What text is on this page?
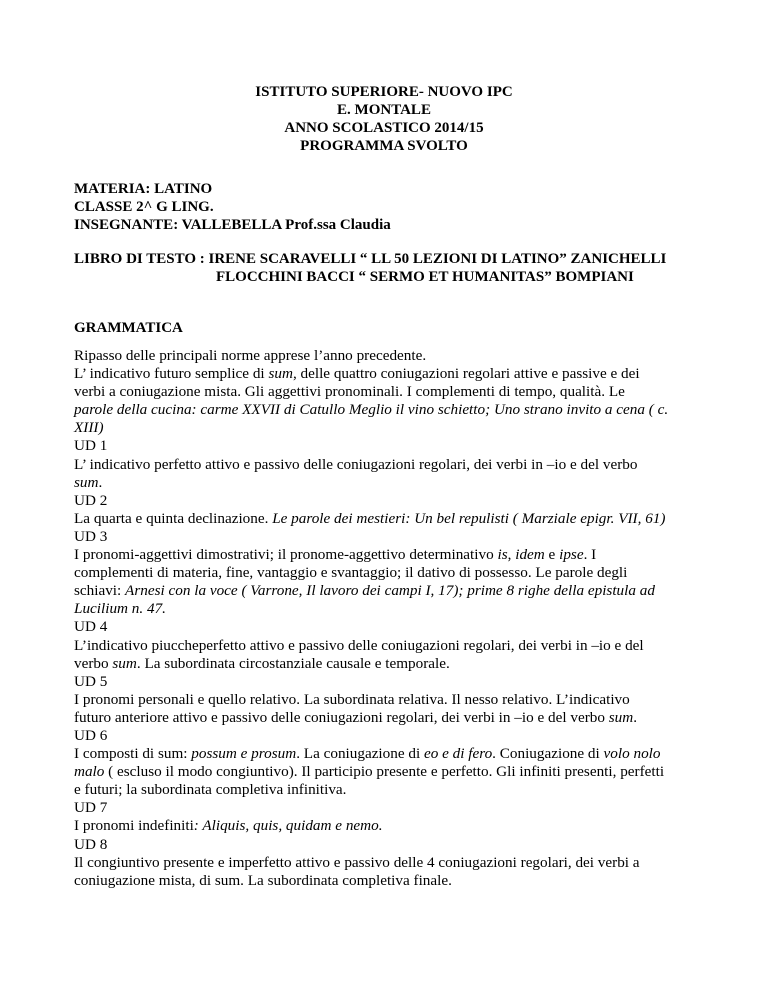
ISTITUTO SUPERIORE- NUOVO IPC
E. MONTALE
ANNO SCOLASTICO 2014/15
PROGRAMMA SVOLTO
MATERIA: LATINO
CLASSE 2^ G LING.
INSEGNANTE: VALLEBELLA Prof.ssa Claudia
LIBRO DI TESTO : IRENE SCARAVELLI “ LL 50 LEZIONI DI LATINO” ZANICHELLI
FLOCCHINI BACCI “ SERMO ET HUMANITAS” BOMPIANI
GRAMMATICA
Ripasso delle principali norme apprese l’anno precedente.
L’ indicativo futuro semplice di sum, delle quattro coniugazioni regolari attive e passive e dei
verbi a coniugazione mista. Gli aggettivi pronominali. I complementi di tempo, qualità. Le
parole della cucina: carme XXVII di Catullo Meglio il vino schietto; Uno strano invito a cena ( c.
XIII)
UD 1
L’ indicativo perfetto attivo e passivo delle coniugazioni regolari, dei verbi in –io e del verbo
sum.
UD 2
La quarta e quinta declinazione. Le parole dei mestieri: Un bel repulisti ( Marziale epigr. VII, 61)
UD 3
I pronomi-aggettivi dimostrativi; il pronome-aggettivo determinativo is, idem e ipse. I
complementi di materia, fine, vantaggio e svantaggio; il dativo di possesso. Le parole degli
schiavi: Arnesi con la voce ( Varrone, Il lavoro dei campi I, 17); prime 8 righe della epistula ad
Lucilium n. 47.
UD 4
L’indicativo piuccheperfetto attivo e passivo delle coniugazioni regolari, dei verbi in –io e del
verbo sum. La subordinata circostanziale causale e temporale.
UD 5
I pronomi personali e quello relativo. La subordinata relativa. Il nesso relativo. L’indicativo
futuro anteriore attivo e passivo delle coniugazioni regolari, dei verbi in –io e del verbo sum.
UD 6
I composti di sum: possum e prosum. La coniugazione di eo e di fero. Coniugazione di volo nolo
malo ( escluso il modo congiuntivo). Il participio presente e perfetto. Gli infiniti presenti, perfetti
e futuri; la subordinata completiva infinitiva.
UD 7
I pronomi indefiniti: Aliquis, quis, quidam e nemo.
UD 8
Il congiuntivo presente e imperfetto attivo e passivo delle 4 coniugazioni regolari, dei verbi a
coniugazione mista, di sum. La subordinata completiva finale.
